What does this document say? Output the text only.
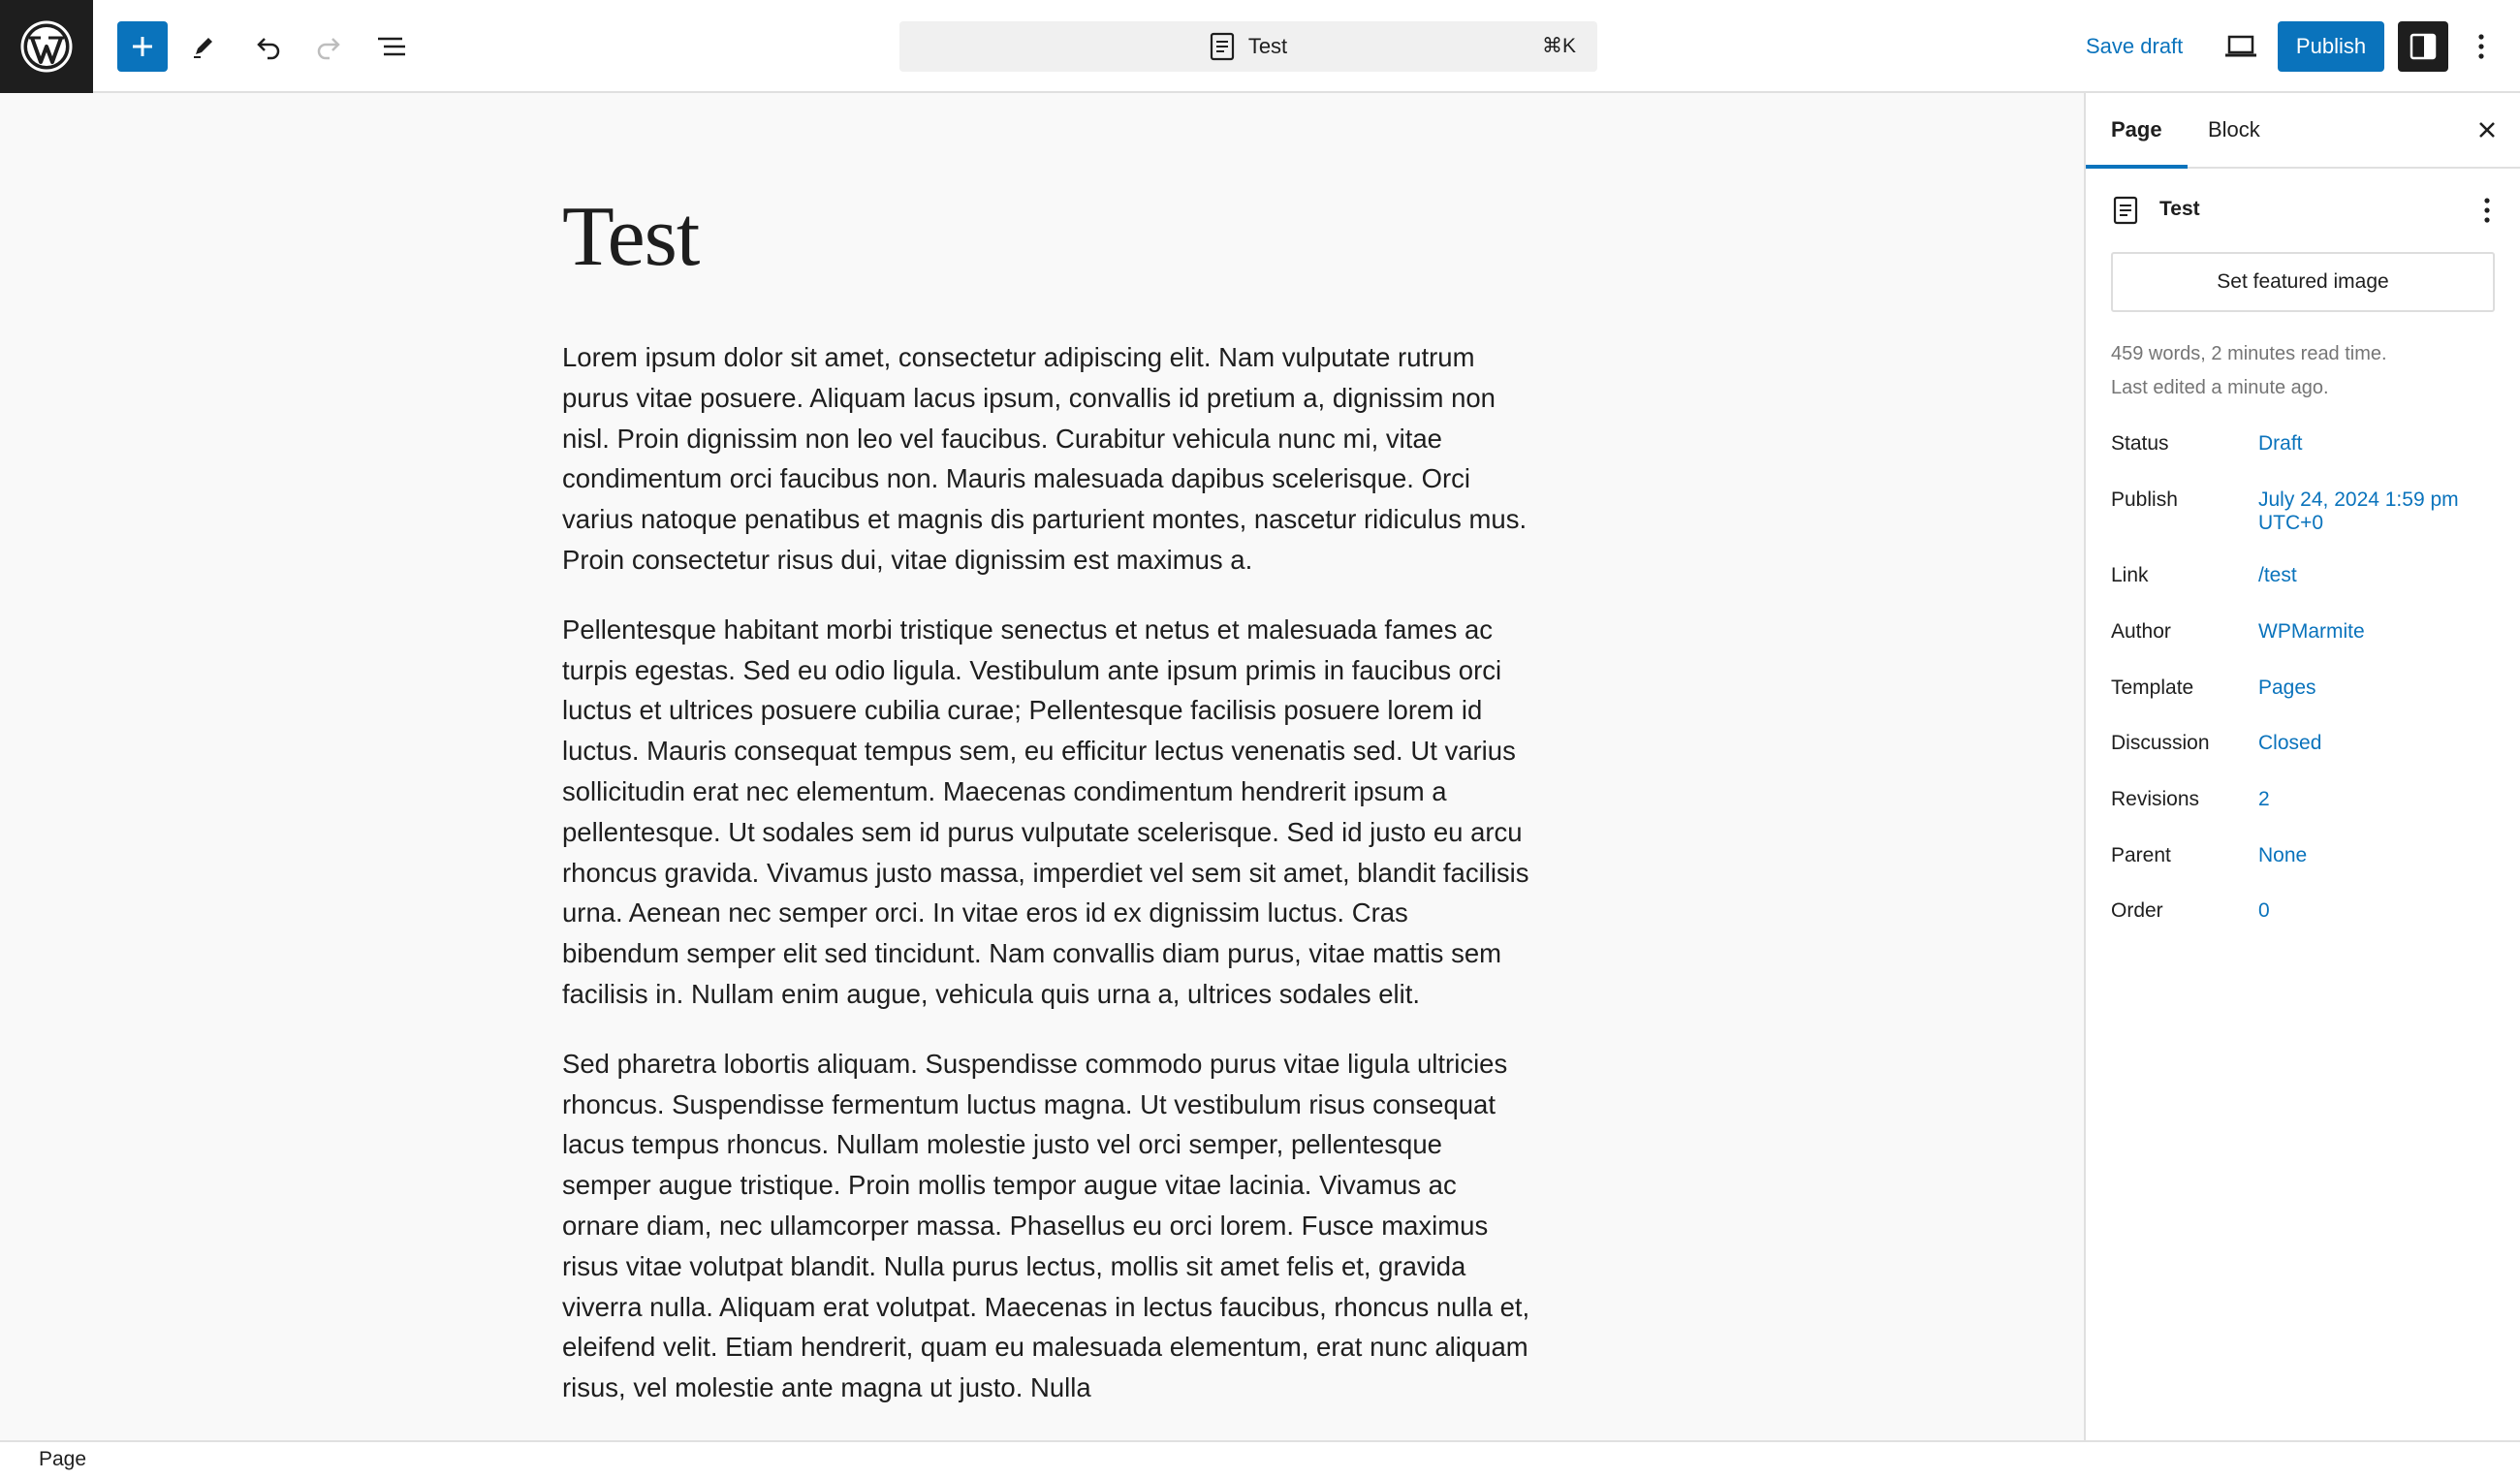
Test	⌘K	Save draft	Publish
Test

Lorem ipsum dolor sit amet, consectetur adipiscing elit. Nam vulputate rutrum purus vitae posuere. Aliquam lacus ipsum, convallis id pretium a, dignissim non nisl. Proin dignissim non leo vel faucibus. Curabitur vehicula nunc mi, vitae condimentum orci faucibus non. Mauris malesuada dapibus scelerisque. Orci varius natoque penatibus et magnis dis parturient montes, nascetur ridiculus mus. Proin consectetur risus dui, vitae dignissim est maximus a.

Pellentesque habitant morbi tristique senectus et netus et malesuada fames ac turpis egestas. Sed eu odio ligula. Vestibulum ante ipsum primis in faucibus orci luctus et ultrices posuere cubilia curae; Pellentesque facilisis posuere lorem id luctus. Mauris consequat tempus sem, eu efficitur lectus venenatis sed. Ut varius sollicitudin erat nec elementum. Maecenas condimentum hendrerit ipsum a pellentesque. Ut sodales sem id purus vulputate scelerisque. Sed id justo eu arcu rhoncus gravida. Vivamus justo massa, imperdiet vel sem sit amet, blandit facilisis urna. Aenean nec semper orci. In vitae eros id ex dignissim luctus. Cras bibendum semper elit sed tincidunt. Nam convallis diam purus, vitae mattis sem facilisis in. Nullam enim augue, vehicula quis urna a, ultrices sodales elit.

Sed pharetra lobortis aliquam. Suspendisse commodo purus vitae ligula ultricies rhoncus. Suspendisse fermentum luctus magna. Ut vestibulum risus consequat lacus tempus rhoncus. Nullam molestie justo vel orci semper, pellentesque semper augue tristique. Proin mollis tempor augue vitae lacinia. Vivamus ac ornare diam, nec ullamcorper massa. Phasellus eu orci lorem. Fusce maximus risus vitae volutpat blandit. Nulla purus lectus, mollis sit amet felis et, gravida viverra nulla. Aliquam erat volutpat. Maecenas in lectus faucibus, rhoncus nulla et, eleifend velit. Etiam hendrerit, quam eu malesuada elementum, erat nunc aliquam risus, vel molestie ante magna ut justo. Nulla

Page Block
Test
Set featured image
459 words, 2 minutes read time.
Last edited a minute ago.
Status	Draft
Publish	July 24, 2024 1:59 pm UTC+0
Link	/test
Author	WPMarmite
Template	Pages
Discussion Closed
Revisions	2
Parent	None
Order	0
Page
